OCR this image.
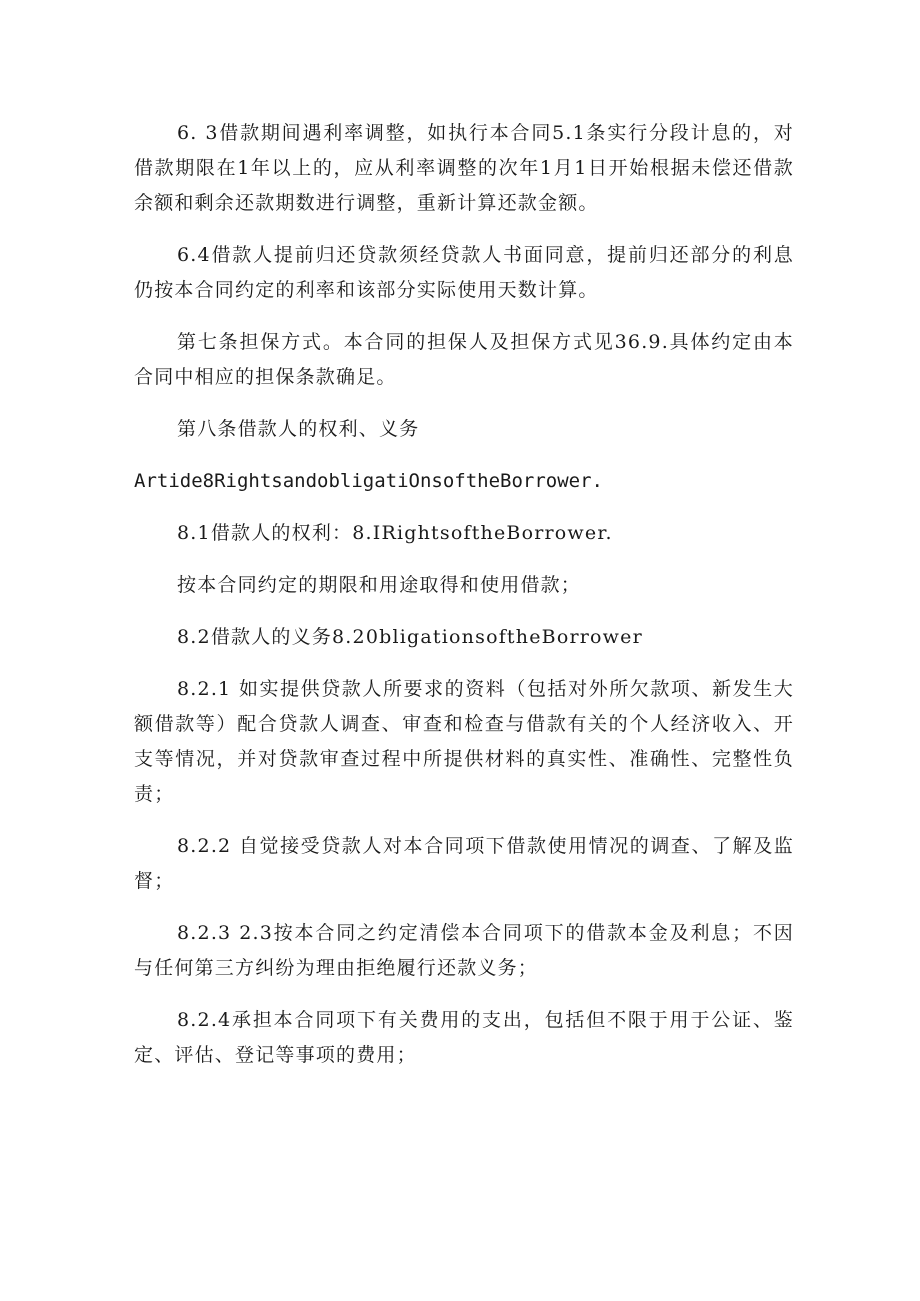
6. 3借款期间遇利率调整，如执行本合同5.1条实行分段计息的，对借款期限在1年以上的，应从利率调整的次年1月1日开始根据未偿还借款余额和剩余还款期数进行调整，重新计算还款金额。

6.4借款人提前归还贷款须经贷款人书面同意，提前归还部分的利息仍按本合同约定的利率和该部分实际使用天数计算。

第七条担保方式。本合同的担保人及担保方式见36.9.具体约定由本合同中相应的担保条款确足。

第八条借款人的权利、义务

Artide8RightsandobligatiOnsoftheBorrower.

8.1借款人的权利：8.IRightsoftheBorrower.

按本合同约定的期限和用途取得和使用借款；

8.2借款人的义务8.20bligationsoftheBorrower

8.2.1 如实提供贷款人所要求的资料（包括对外所欠款项、新发生大额借款等）配合贷款人调查、审查和检查与借款有关的个人经济收入、开支等情况，并对贷款审查过程中所提供材料的真实性、准确性、完整性负责；

8.2.2 自觉接受贷款人对本合同项下借款使用情况的调查、了解及监督；

8.2.3 2.3按本合同之约定清偿本合同项下的借款本金及利息；不因与任何第三方纠纷为理由拒绝履行还款义务；

8.2.4承担本合同项下有关费用的支出，包括但不限于用于公证、鉴定、评估、登记等事项的费用；
